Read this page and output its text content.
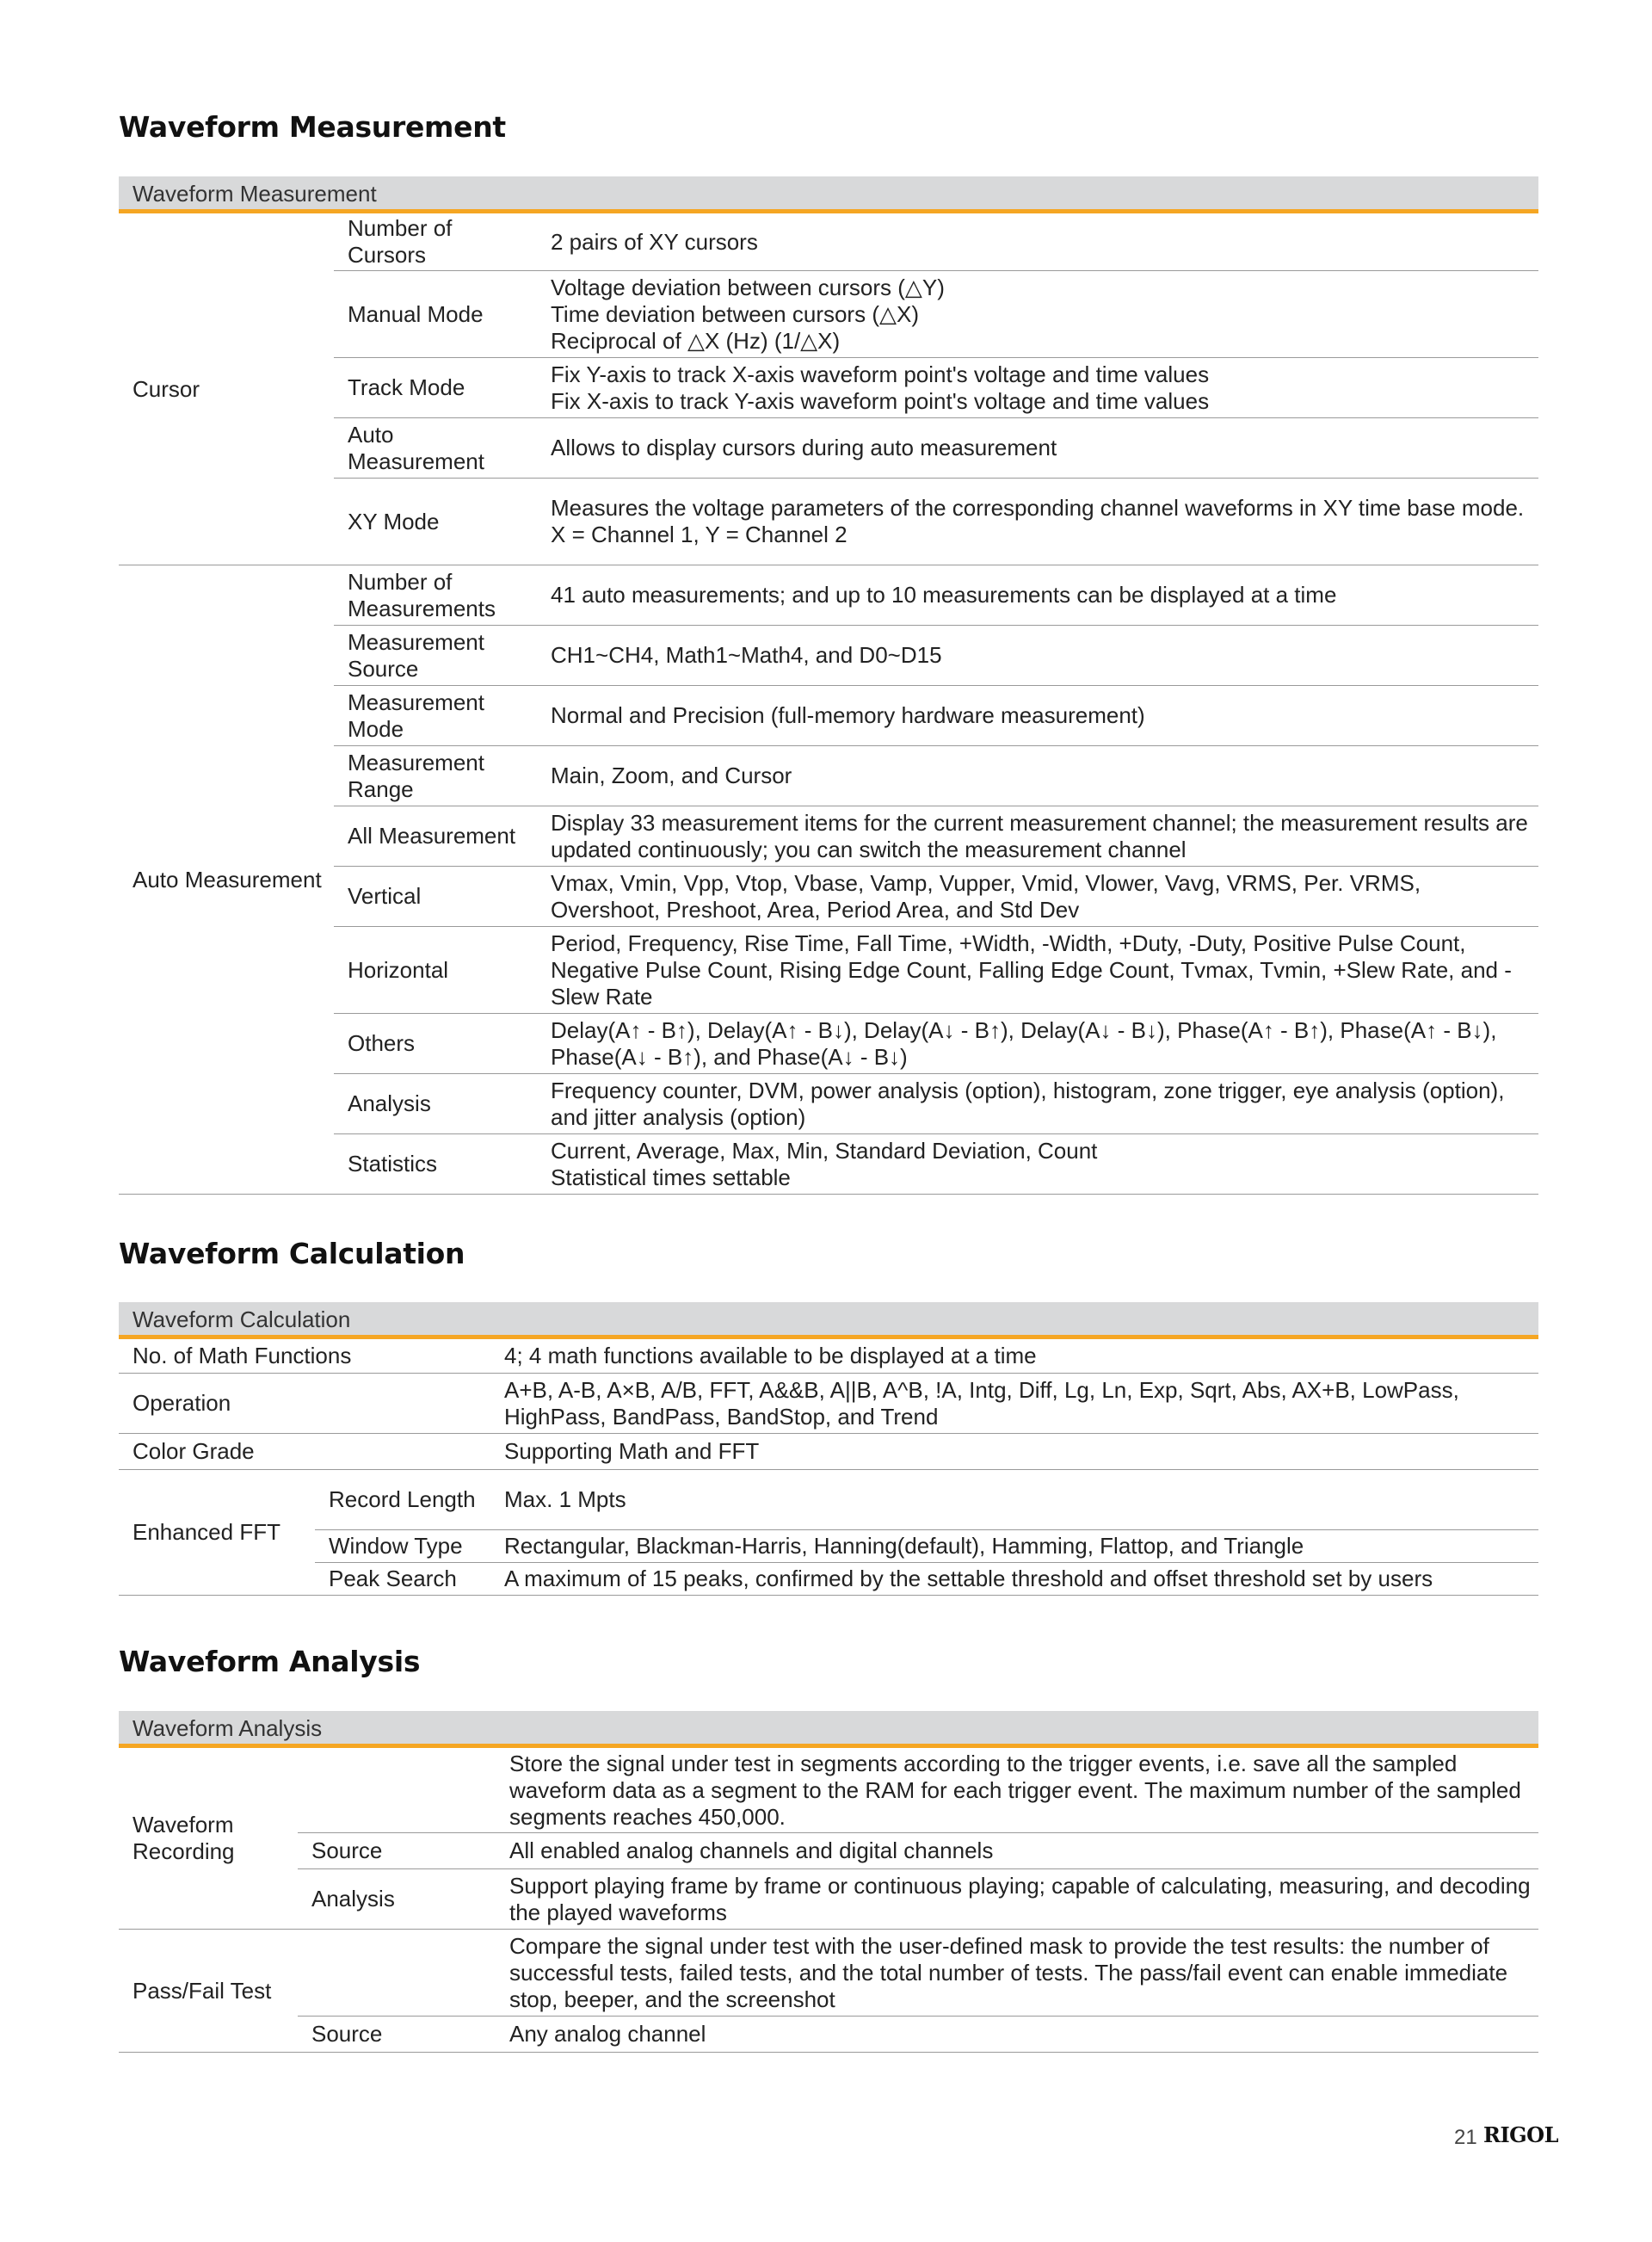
Waveform Measurement
Waveform Measurement		
Cursor	Number of Cursors	2 pairs of XY cursors

	Manual Mode	Voltage deviation between cursors (△Y)
Time deviation between cursors (△X)
Reciprocal of △X (Hz) (1/△X)

	Track Mode	Fix Y-axis to track X-axis waveform point's voltage and time values
Fix X-axis to track Y-axis waveform point's voltage and time values

	Auto Measurement	Allows to display cursors during auto measurement

	XY Mode	Measures the voltage parameters of the corresponding channel waveforms in XY time base mode.
X = Channel 1, Y = Channel 2

Auto Measurement	Number of Measurements	41 auto measurements; and up to 10 measurements can be displayed at a time
	Measurement Source	CH1~CH4, Math1~Math4, and D0~D15
	Measurement Mode	Normal and Precision (full-memory hardware measurement)
	Measurement Range	Main, Zoom, and Cursor
	All Measurement	Display 33 measurement items for the current measurement channel; the measurement results are updated continuously; you can switch the measurement channel
	Vertical	Vmax, Vmin, Vpp, Vtop, Vbase, Vamp, Vupper, Vmid, Vlower, Vavg, VRMS, Per. VRMS, Overshoot, Preshoot, Area, Period Area, and Std Dev
	Horizontal	Period, Frequency, Rise Time, Fall Time, +Width, -Width, +Duty, -Duty, Positive Pulse Count, Negative Pulse Count, Rising Edge Count, Falling Edge Count, Tvmax, Tvmin, +Slew Rate, and -Slew Rate
	Others	Delay(A↑ - B↑), Delay(A↑ - B↓), Delay(A↓ - B↑), Delay(A↓ - B↓), Phase(A↑ - B↑), Phase(A↑ - B↓), Phase(A↓ - B↑), and Phase(A↓ - B↓)
	Analysis	Frequency counter, DVM, power analysis (option), histogram, zone trigger, eye analysis (option), and jitter analysis (option)
	Statistics	Current, Average, Max, Min, Standard Deviation, Count
Statistical times settable
Waveform Calculation
Waveform Calculation		
No. of Math Functions		4; 4 math functions available to be displayed at a time
Operation		A+B, A-B, A×B, A/B, FFT, A&&B, A||B, A^B, !A, Intg, Diff, Lg, Ln, Exp, Sqrt, Abs, AX+B, LowPass, HighPass, BandPass, BandStop, and Trend
Color Grade		Supporting Math and FFT
Enhanced FFT	Record Length	Max. 1 Mpts
	Window Type	Rectangular, Blackman-Harris, Hanning(default), Hamming, Flattop, and Triangle
	Peak Search	A maximum of 15 peaks, confirmed by the settable threshold and offset threshold set by users
Waveform Analysis
Waveform Analysis		
Waveform Recording		Store the signal under test in segments according to the trigger events, i.e. save all the sampled waveform data as a segment to the RAM for each trigger event. The maximum number of the sampled segments reaches 450,000.
	Source	All enabled analog channels and digital channels
	Analysis	Support playing frame by frame or continuous playing; capable of calculating, measuring, and decoding the played waveforms
Pass/Fail Test		Compare the signal under test with the user-defined mask to provide the test results: the number of successful tests, failed tests, and the total number of tests. The pass/fail event can enable immediate stop, beeper, and the screenshot
	Source	Any analog channel
21 RIGOL
